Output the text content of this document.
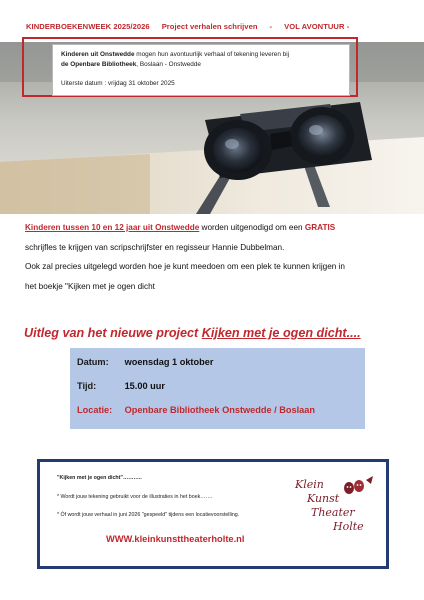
KINDERBOEKENWEEK 2025/2026 Project verhalen schrijven - VOL AVONTUUR -
Kinderen uit Onstwedde mogen hun avontuurlijk verhaal of tekening leveren bij
de Openbare Bibliotheek, Boslaan - Onstwedde
Uiterste datum : vrijdag 31 oktober 2025
Kinderen tussen 10 en 12 jaar uit Onstwedde worden uitgenodigd om een GRATIS
schrijfles te krijgen van scripschrijfster en regisseur Hannie Dubbelman.
Ook zal precies uitgelegd worden hoe je kunt meedoen om een plek te kunnen krijgen in
het boekje "Kijken met je ogen dicht
Uitleg van het nieuwe project Kijken met je ogen dicht....
Datum: woensdag 1 oktober
Tijd:	15.00 uur
Locatie: Openbare Bibliotheek Onstwedde / Boslaan
"Kijken met je ogen dicht"………..
* Wordt jouw tekening gebruikt voor de illustraties in het boek…….
* Óf wordt jouw verhaal in juni 2026 "gespeeld" tijdens een locatievoorstelling.
WWW.kleinkunsttheaterholte.nl
Klein
Kunst
Theater
Holte
